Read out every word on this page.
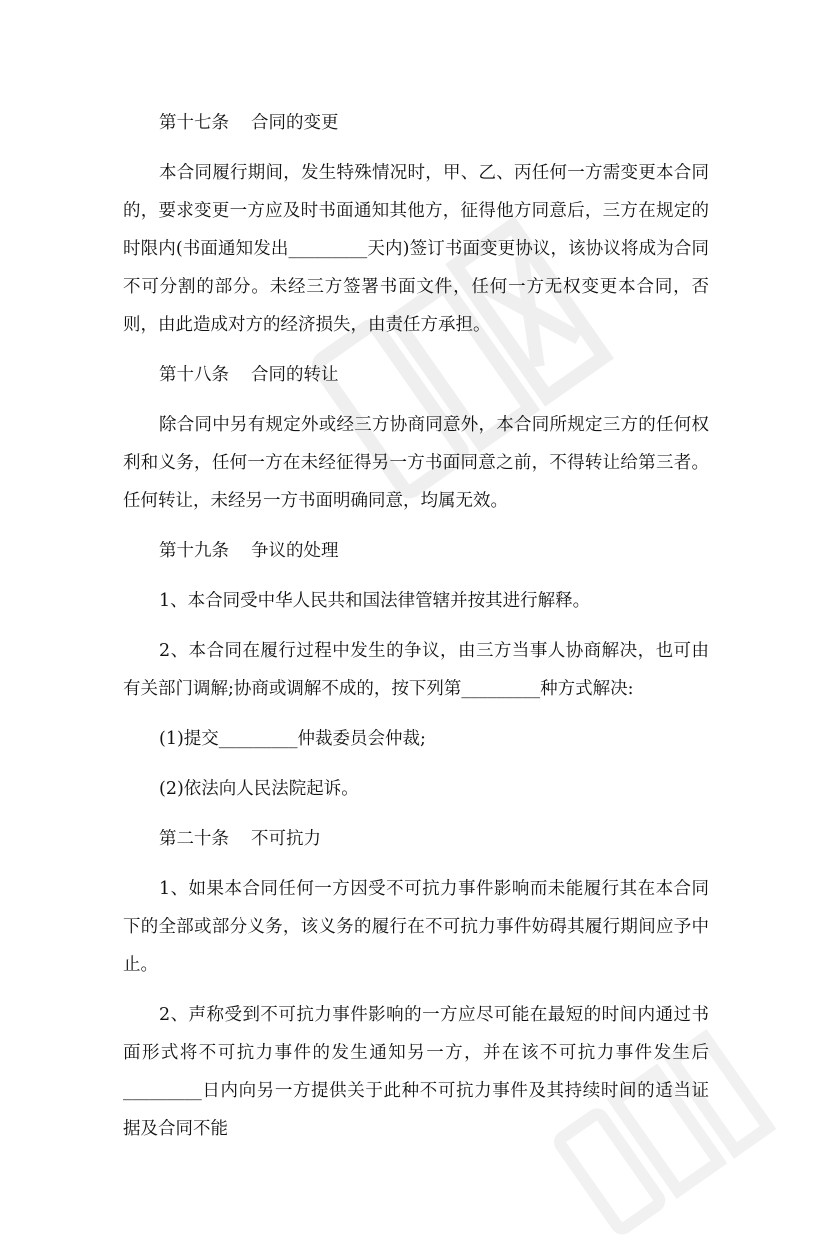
第十七条 合同的变更
本合同履行期间，发生特殊情况时，甲、乙、丙任何一方需变更本合同的，要求变更一方应及时书面通知其他方，征得他方同意后，三方在规定的时限内(书面通知发出_________天内)签订书面变更协议，该协议将成为合同不可分割的部分。未经三方签署书面文件，任何一方无权变更本合同，否则，由此造成对方的经济损失，由责任方承担。
第十八条 合同的转让
除合同中另有规定外或经三方协商同意外，本合同所规定三方的任何权利和义务，任何一方在未经征得另一方书面同意之前，不得转让给第三者。任何转让，未经另一方书面明确同意，均属无效。
第十九条 争议的处理
1、本合同受中华人民共和国法律管辖并按其进行解释。
2、本合同在履行过程中发生的争议，由三方当事人协商解决，也可由有关部门调解;协商或调解不成的，按下列第_________种方式解决:
(1)提交_________仲裁委员会仲裁;
(2)依法向人民法院起诉。
第二十条 不可抗力
1、如果本合同任何一方因受不可抗力事件影响而未能履行其在本合同下的全部或部分义务，该义务的履行在不可抗力事件妨碍其履行期间应予中止。
2、声称受到不可抗力事件影响的一方应尽可能在最短的时间内通过书面形式将不可抗力事件的发生通知另一方，并在该不可抗力事件发生后_________日内向另一方提供关于此种不可抗力事件及其持续时间的适当证据及合同不能
